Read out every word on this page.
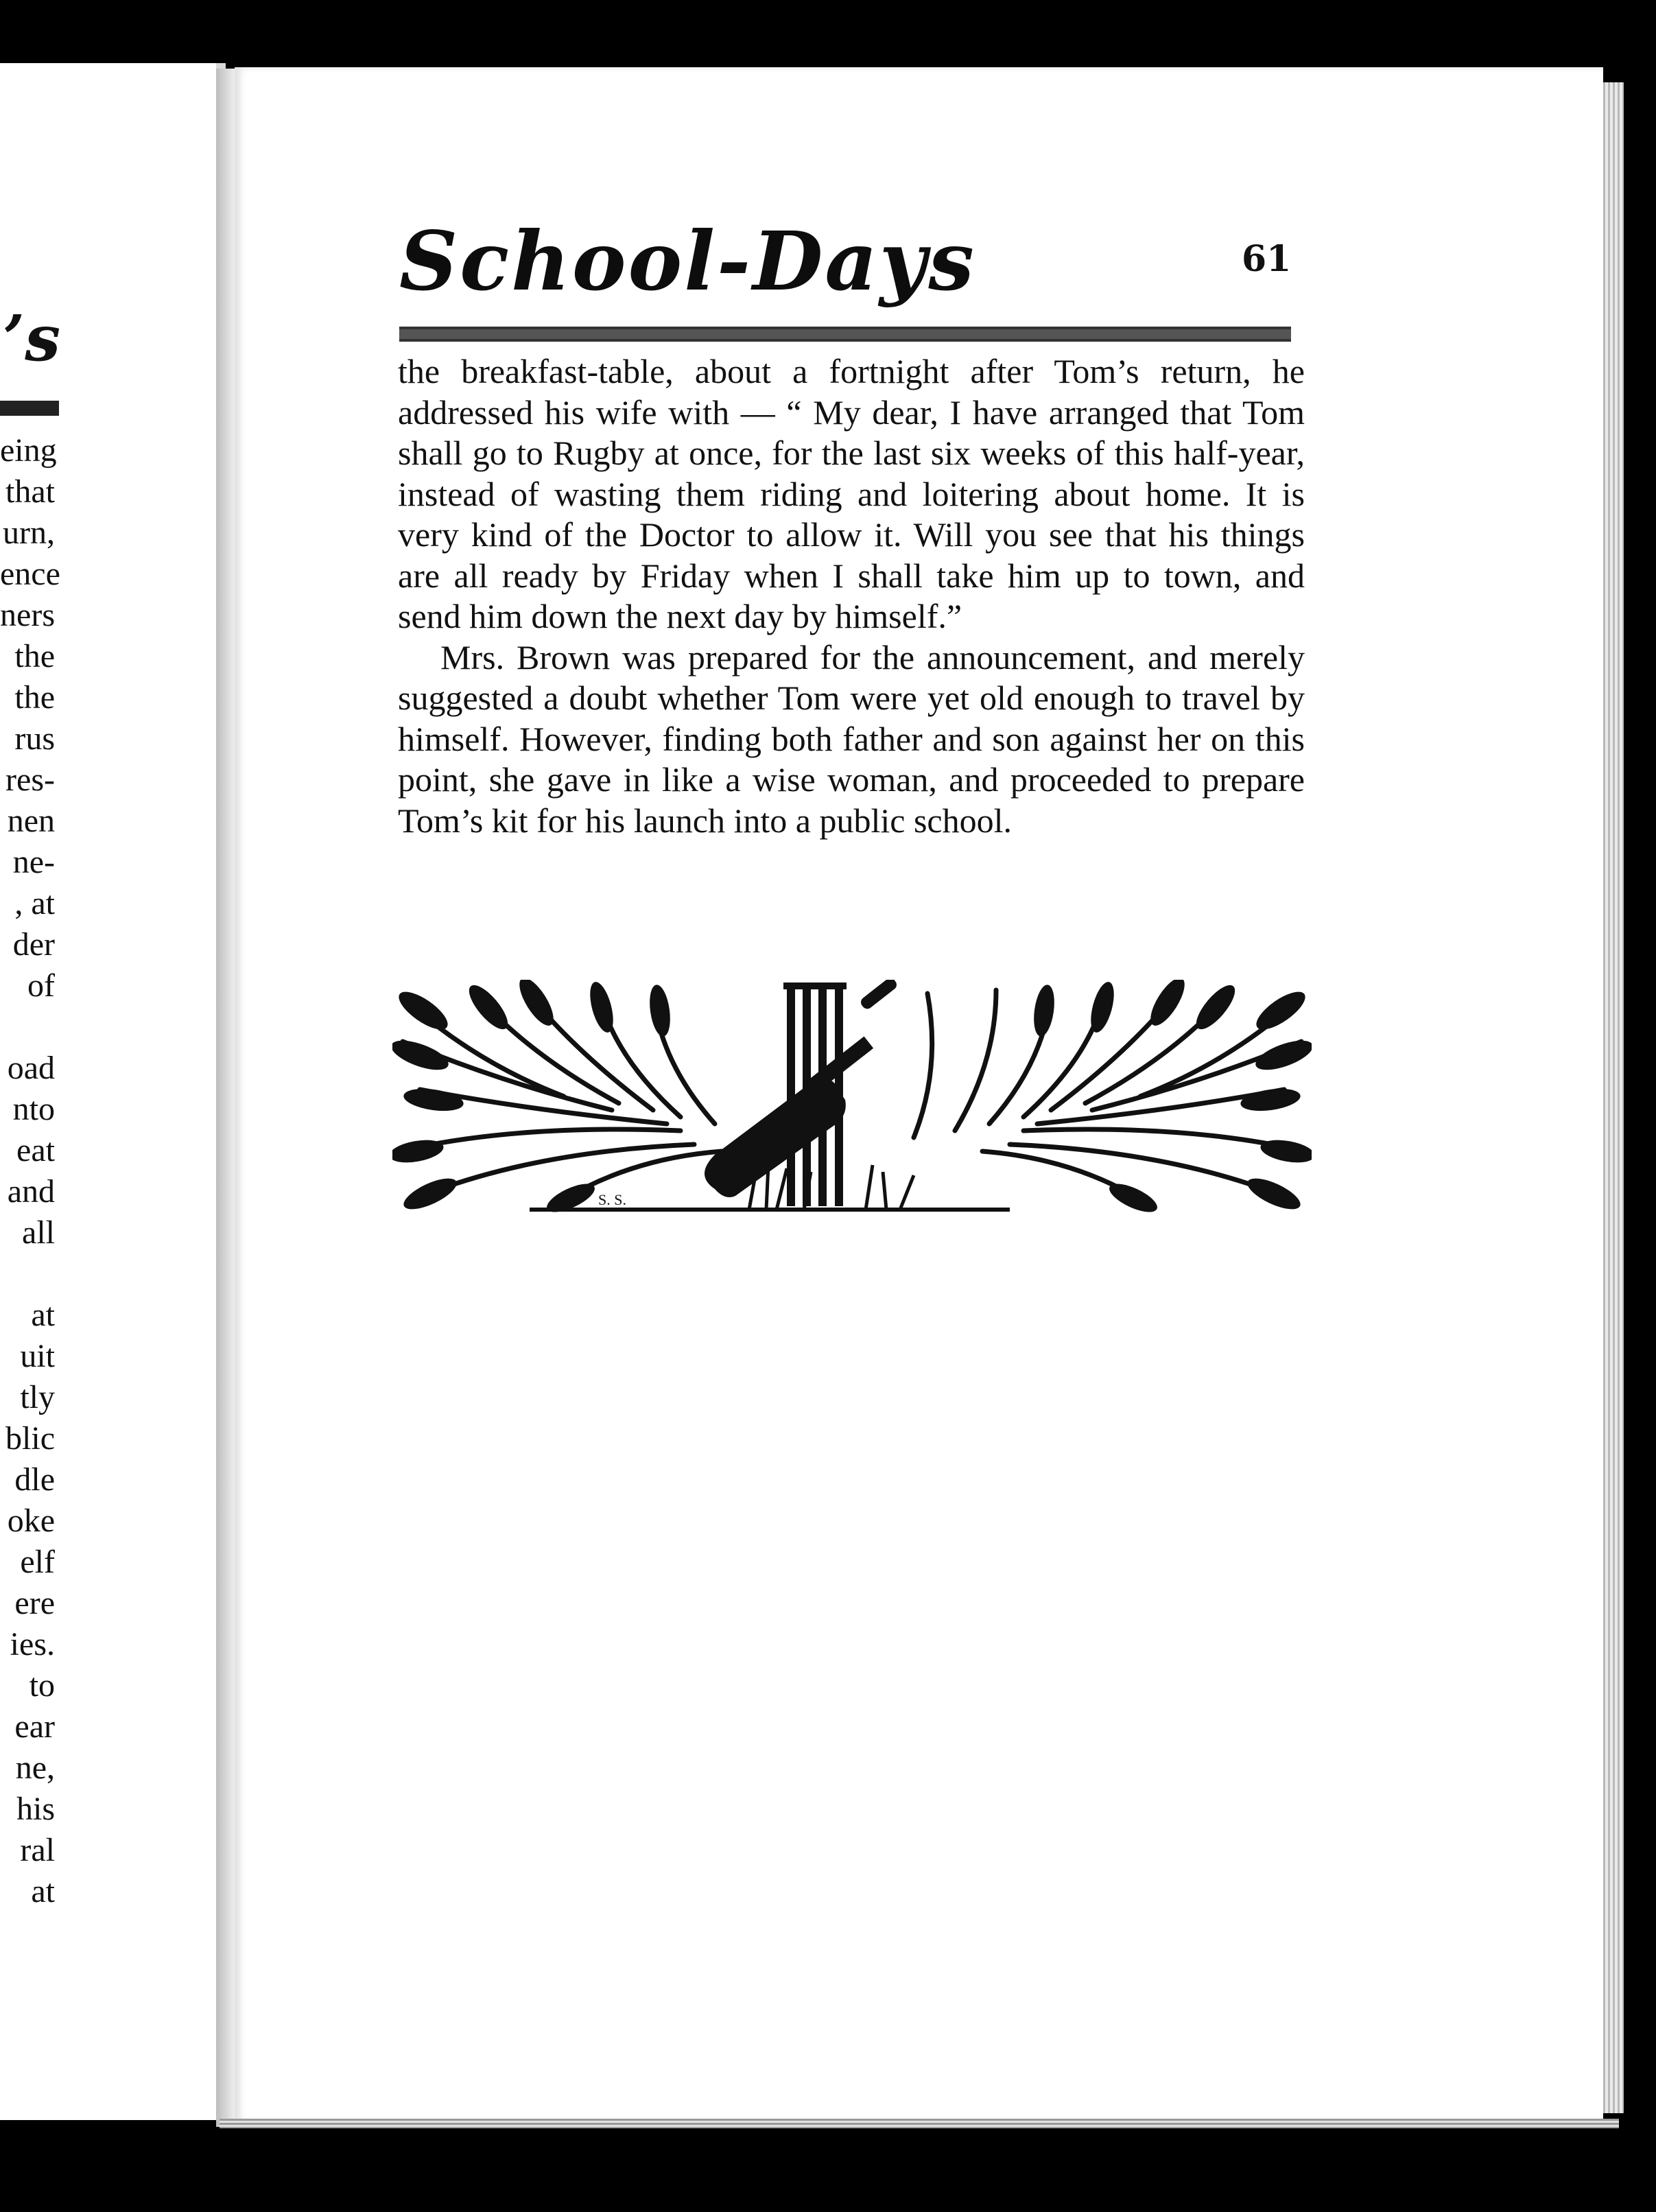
’s
eing
that
urn,
ence
ners
the
the
rus
res-
nen
ne-
, at
der
of
oad
nto
eat
and
all
at
uit
tly
blic
dle
oke
elf
ere
ies.
to
ear
ne,
his
ral
at
School-Days	61

the breakfast-table, about a fortnight after Tom’s return, he addressed his wife with — “ My dear, I have arranged that Tom shall go to Rugby at once, for the last six weeks of this half-year, instead of wasting them riding and loitering about home. It is very kind of the Doctor to allow it. Will you see that his things are all ready by Friday when I shall take him up to town, and send him down the next day by himself.”

Mrs. Brown was prepared for the announcement, and merely suggested a doubt whether Tom were yet old enough to travel by himself. However, finding both father and son against her on this point, she gave in like a wise woman, and proceeded to prepare Tom’s kit for his launch into a public school.

S. S.
